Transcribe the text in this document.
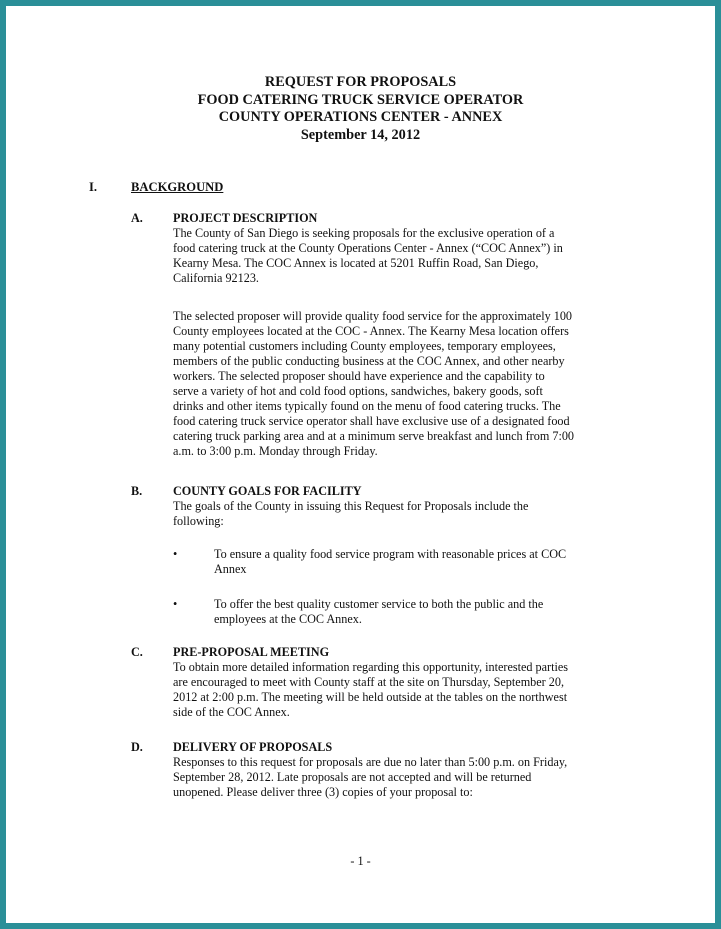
REQUEST FOR PROPOSALS
FOOD CATERING TRUCK SERVICE OPERATOR
COUNTY OPERATIONS CENTER - ANNEX
September 14, 2012
I.	BACKGROUND
A. PROJECT DESCRIPTION
The County of San Diego is seeking proposals for the exclusive operation of a
food catering truck at the County Operations Center - Annex (“COC Annex”) in
Kearny Mesa. The COC Annex is located at 5201 Ruffin Road, San Diego,
California 92123.
The selected proposer will provide quality food service for the approximately 100
County employees located at the COC - Annex. The Kearny Mesa location offers
many potential customers including County employees, temporary employees,
members of the public conducting business at the COC Annex, and other nearby
workers. The selected proposer should have experience and the capability to
serve a variety of hot and cold food options, sandwiches, bakery goods, soft
drinks and other items typically found on the menu of food catering trucks. The
food catering truck service operator shall have exclusive use of a designated food
catering truck parking area and at a minimum serve breakfast and lunch from 7:00
a.m. to 3:00 p.m. Monday through Friday.
B.	COUNTY GOALS FOR FACILITY
The goals of the County in issuing this Request for Proposals include the
following:
•	To ensure a quality food service program with reasonable prices at COC
Annex
•	To offer the best quality customer service to both the public and the
employees at the COC Annex.
C. PRE-PROPOSAL MEETING
To obtain more detailed information regarding this opportunity, interested parties
are encouraged to meet with County staff at the site on Thursday, September 20,
2012 at 2:00 p.m. The meeting will be held outside at the tables on the northwest
side of the COC Annex.
D. DELIVERY OF PROPOSALS
Responses to this request for proposals are due no later than 5:00 p.m. on Friday,
September 28, 2012. Late proposals are not accepted and will be returned
unopened. Please deliver three (3) copies of your proposal to:
- 1 -
